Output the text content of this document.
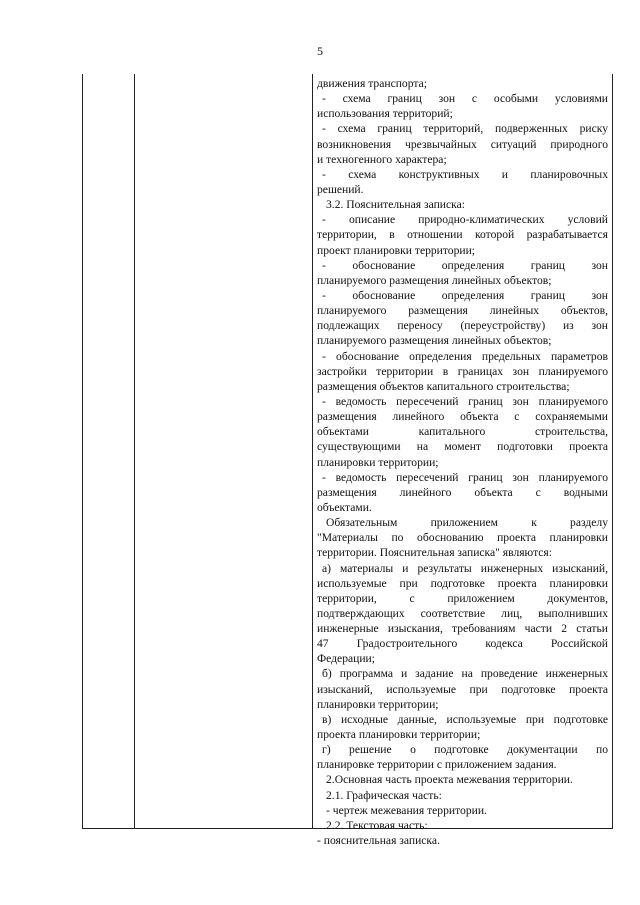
5
движения транспорта;
- схема границ зон с особыми условиями
использования территорий;
- схема границ территорий, подверженных риску
возникновения чрезвычайных ситуаций природного
и техногенного характера;
- схема конструктивных и планировочных
решений.
3.2. Пояснительная записка:
- описание природно-климатических условий
территории, в отношении которой разрабатывается
проект планировки территории;
- обоснование определения границ зон
планируемого размещения линейных объектов;
- обоснование определения границ зон
планируемого размещения линейных объектов,
подлежащих переносу (переустройству) из зон
планируемого размещения линейных объектов;
- обоснование определения предельных параметров
застройки территории в границах зон планируемого
размещения объектов капитального строительства;
- ведомость пересечений границ зон планируемого
размещения линейного объекта с сохраняемыми
объектами капитального строительства,
существующими на момент подготовки проекта
планировки территории;
- ведомость пересечений границ зон планируемого
размещения линейного объекта с водными
объектами.
Обязательным приложением к разделу
"Материалы по обоснованию проекта планировки
территории. Пояснительная записка" являются:
а) материалы и результаты инженерных изысканий,
используемые при подготовке проекта планировки
территории, с приложением документов,
подтверждающих соответствие лиц, выполнивших
инженерные изыскания, требованиям части 2 статьи
47 Градостроительного кодекса Российской
Федерации;
б) программа и задание на проведение инженерных
изысканий, используемые при подготовке проекта
планировки территории;
в) исходные данные, используемые при подготовке
проекта планировки территории;
г) решение о подготовке документации по
планировке территории с приложением задания.
2.Основная часть проекта межевания территории.
2.1. Графическая часть:
- чертеж межевания территории.
2.2. Текстовая часть:
- пояснительная записка.
